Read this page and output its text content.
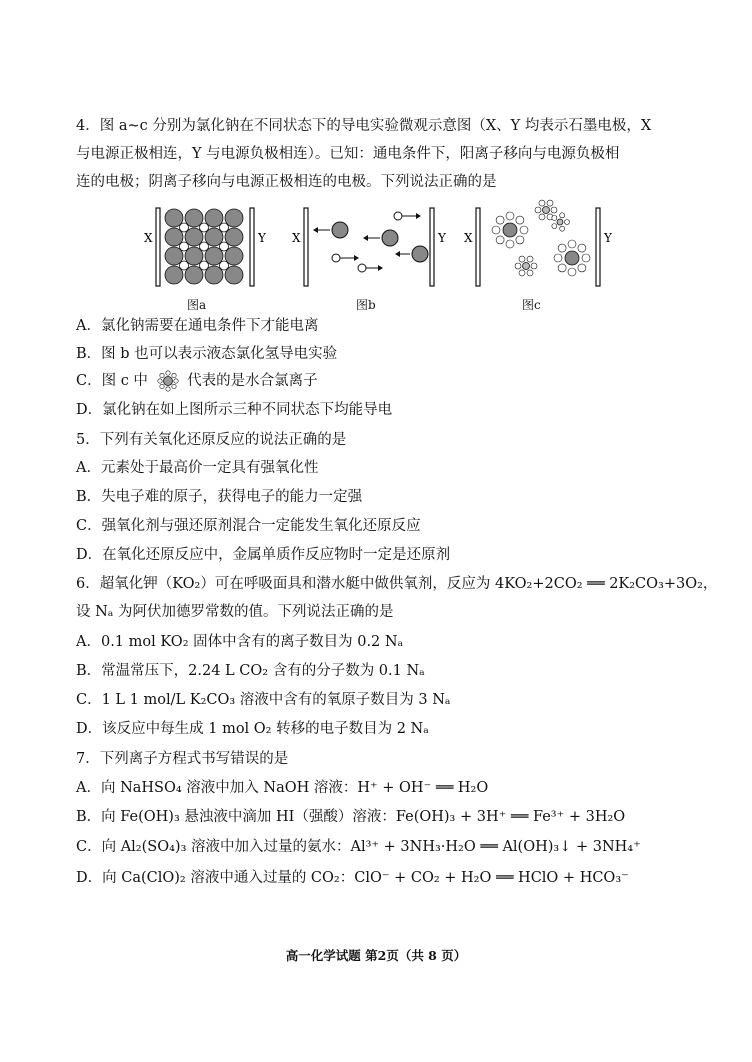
4．图 a~c 分别为氯化钠在不同状态下的导电实验微观示意图（X、Y 均表示石墨电极，X
与电源正极相连，Y 与电源负极相连）。已知：通电条件下，阳离子移向与电源负极相
连的电极；阴离子移向与电源正极相连的电极。下列说法正确的是
X	Y X	Y X	Y
图a	图b	图c
A．氯化钠需要在通电条件下才能电离
B．图 b 也可以表示液态氯化氢导电实验
C．图 c 中	代表的是水合氯离子
D．氯化钠在如上图所示三种不同状态下均能导电
5．下列有关氧化还原反应的说法正确的是
A．元素处于最高价一定具有强氧化性
B．失电子难的原子，获得电子的能力一定强
C．强氧化剂与强还原剂混合一定能发生氧化还原反应
D．在氧化还原反应中，金属单质作反应物时一定是还原剂
6．超氧化钾（KO₂）可在呼吸面具和潜水艇中做供氧剂，反应为 4KO₂+2CO₂ ══ 2K₂CO₃+3O₂，
设 Nₐ 为阿伏加德罗常数的值。下列说法正确的是
A．0.1 mol KO₂ 固体中含有的离子数目为 0.2 Nₐ
B．常温常压下，2.24 L CO₂ 含有的分子数为 0.1 Nₐ
C．1 L 1 mol/L K₂CO₃ 溶液中含有的氧原子数目为 3 Nₐ
D．该反应中每生成 1 mol O₂ 转移的电子数目为 2 Nₐ
7．下列离子方程式书写错误的是
A．向 NaHSO₄ 溶液中加入 NaOH 溶液：H⁺ + OH⁻ ══ H₂O
B．向 Fe(OH)₃ 悬浊液中滴加 HI（强酸）溶液：Fe(OH)₃ + 3H⁺ ══ Fe³⁺ + 3H₂O
C．向 Al₂(SO₄)₃ 溶液中加入过量的氨水：Al³⁺ + 3NH₃·H₂O ══ Al(OH)₃↓ + 3NH₄⁺
D．向 Ca(ClO)₂ 溶液中通入过量的 CO₂：ClO⁻ + CO₂ + H₂O ══ HClO + HCO₃⁻
高一化学试题 第2页（共 8 页）
